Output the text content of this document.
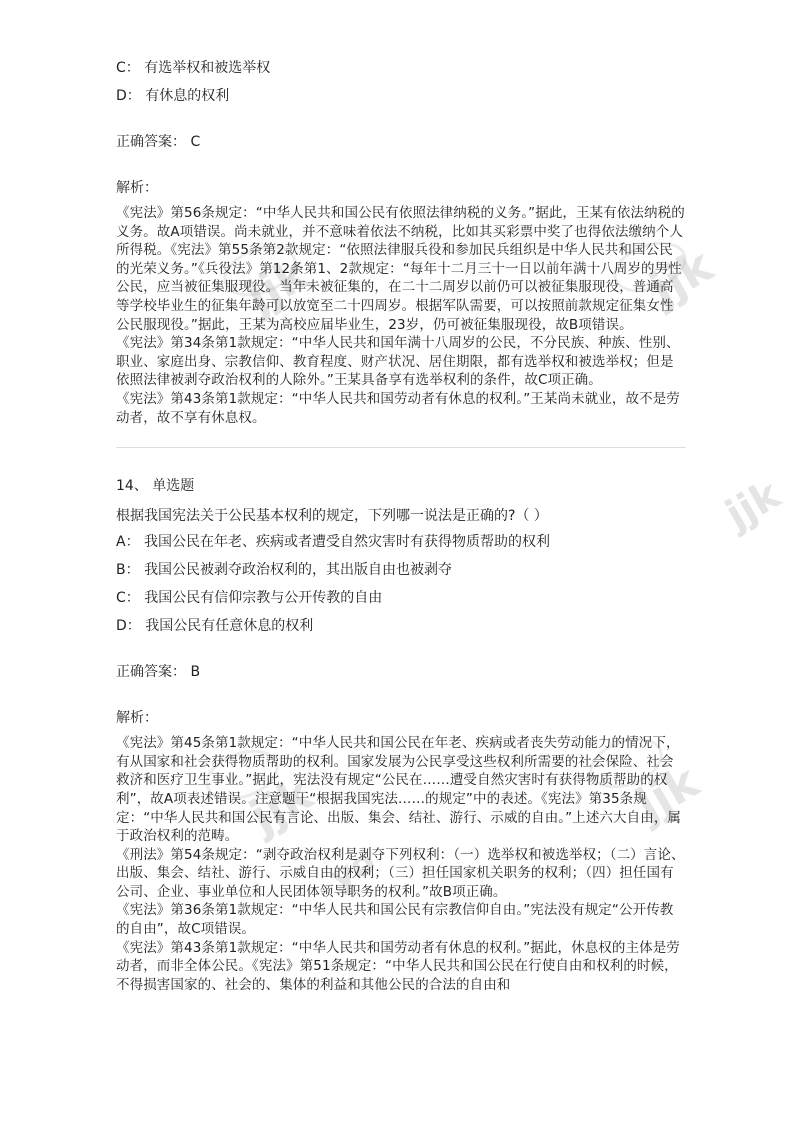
jjk	jjk
jjk
jjk
yo
jjk
C： 有选举权和被选举权
D： 有休息的权利
正确答案： C
解析：
《宪法》第56条规定：“中华人民共和国公民有依照法律纳税的义务。”据此，王某有依法纳税的义务。故A项错误。尚未就业，并不意味着依法不纳税，比如其买彩票中奖了也得依法缴纳个人所得税。《宪法》第55条第2款规定：“依照法律服兵役和参加民兵组织是中华人民共和国公民的光荣义务。”《兵役法》第12条第1、2款规定：“每年十二月三十一日以前年满十八周岁的男性公民，应当被征集服现役。当年未被征集的，在二十二周岁以前仍可以被征集服现役，普通高等学校毕业生的征集年龄可以放宽至二十四周岁。根据军队需要，可以按照前款规定征集女性公民服现役。”据此，王某为高校应届毕业生，23岁，仍可被征集服现役，故B项错误。
《宪法》第34条第1款规定：“中华人民共和国年满十八周岁的公民，不分民族、种族、性别、职业、家庭出身、宗教信仰、教育程度、财产状况、居住期限，都有选举权和被选举权；但是依照法律被剥夺政治权利的人除外。”王某具备享有选举权利的条件，故C项正确。
《宪法》第43条第1款规定：“中华人民共和国劳动者有休息的权利。”王某尚未就业，故不是劳动者，故不享有休息权。
14、 单选题
根据我国宪法关于公民基本权利的规定，下列哪一说法是正确的?（ ）
A： 我国公民在年老、疾病或者遭受自然灾害时有获得物质帮助的权利
B： 我国公民被剥夺政治权利的，其出版自由也被剥夺
C： 我国公民有信仰宗教与公开传教的自由
D： 我国公民有任意休息的权利
正确答案： B
解析：
《宪法》第45条第1款规定：“中华人民共和国公民在年老、疾病或者丧失劳动能力的情况下，有从国家和社会获得物质帮助的权利。国家发展为公民享受这些权利所需要的社会保险、社会救济和医疗卫生事业。”据此，宪法没有规定“公民在……遭受自然灾害时有获得物质帮助的权利”，故A项表述错误。注意题干“根据我国宪法……的规定”中的表述。《宪法》第35条规定：“中华人民共和国公民有言论、出版、集会、结社、游行、示威的自由。”上述六大自由，属于政治权利的范畴。
《刑法》第54条规定：“剥夺政治权利是剥夺下列权利：（一）选举权和被选举权；（二）言论、出版、集会、结社、游行、示威自由的权利；（三）担任国家机关职务的权利；（四）担任国有公司、企业、事业单位和人民团体领导职务的权利。”故B项正确。
《宪法》第36条第1款规定：“中华人民共和国公民有宗教信仰自由。”宪法没有规定“公开传教的自由”，故C项错误。
《宪法》第43条第1款规定：“中华人民共和国劳动者有休息的权利。”据此，休息权的主体是劳动者，而非全体公民。《宪法》第51条规定：“中华人民共和国公民在行使自由和权利的时候，不得损害国家的、社会的、集体的利益和其他公民的合法的自由和
